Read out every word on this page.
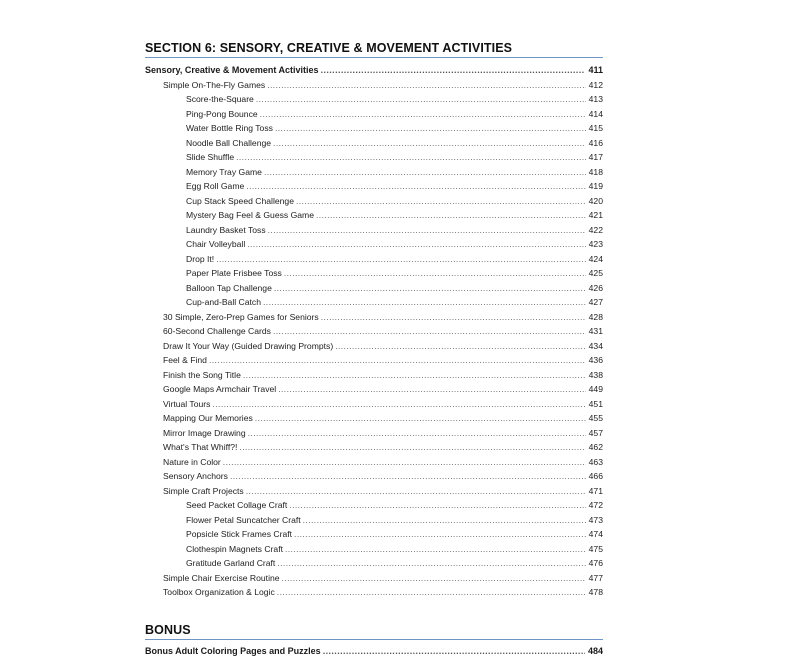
SECTION 6: SENSORY, CREATIVE & MOVEMENT ACTIVITIES
Sensory, Creative & Movement Activities .....	411
Simple On-The-Fly Games .....	412
Score-the-Square .....	413
Ping-Pong Bounce .....	414
Water Bottle Ring Toss .....	415
Noodle Ball Challenge .....	416
Slide Shuffle .....	417
Memory Tray Game .....	418
Egg Roll Game .....	419
Cup Stack Speed Challenge .....	420
Mystery Bag Feel & Guess Game .....	421
Laundry Basket Toss .....	422
Chair Volleyball .....	423
Drop It! .....	424
Paper Plate Frisbee Toss .....	425
Balloon Tap Challenge .....	426
Cup-and-Ball Catch .....	427
30 Simple, Zero-Prep Games for Seniors .....	428
60-Second Challenge Cards .....	431
Draw It Your Way (Guided Drawing Prompts) .....	434
Feel & Find .....	436
Finish the Song Title .....	438
Google Maps Armchair Travel .....	449
Virtual Tours .....	451
Mapping Our Memories .....	455
Mirror Image Drawing .....	457
What's That Whiff?! .....	462
Nature in Color .....	463
Sensory Anchors .....	466
Simple Craft Projects .....	471
Seed Packet Collage Craft .....	472
Flower Petal Suncatcher Craft .....	473
Popsicle Stick Frames Craft .....	474
Clothespin Magnets Craft .....	475
Gratitude Garland Craft .....	476
Simple Chair Exercise Routine .....	477
Toolbox Organization & Logic .....	478
BONUS
Bonus Adult Coloring Pages and Puzzles .....	484
